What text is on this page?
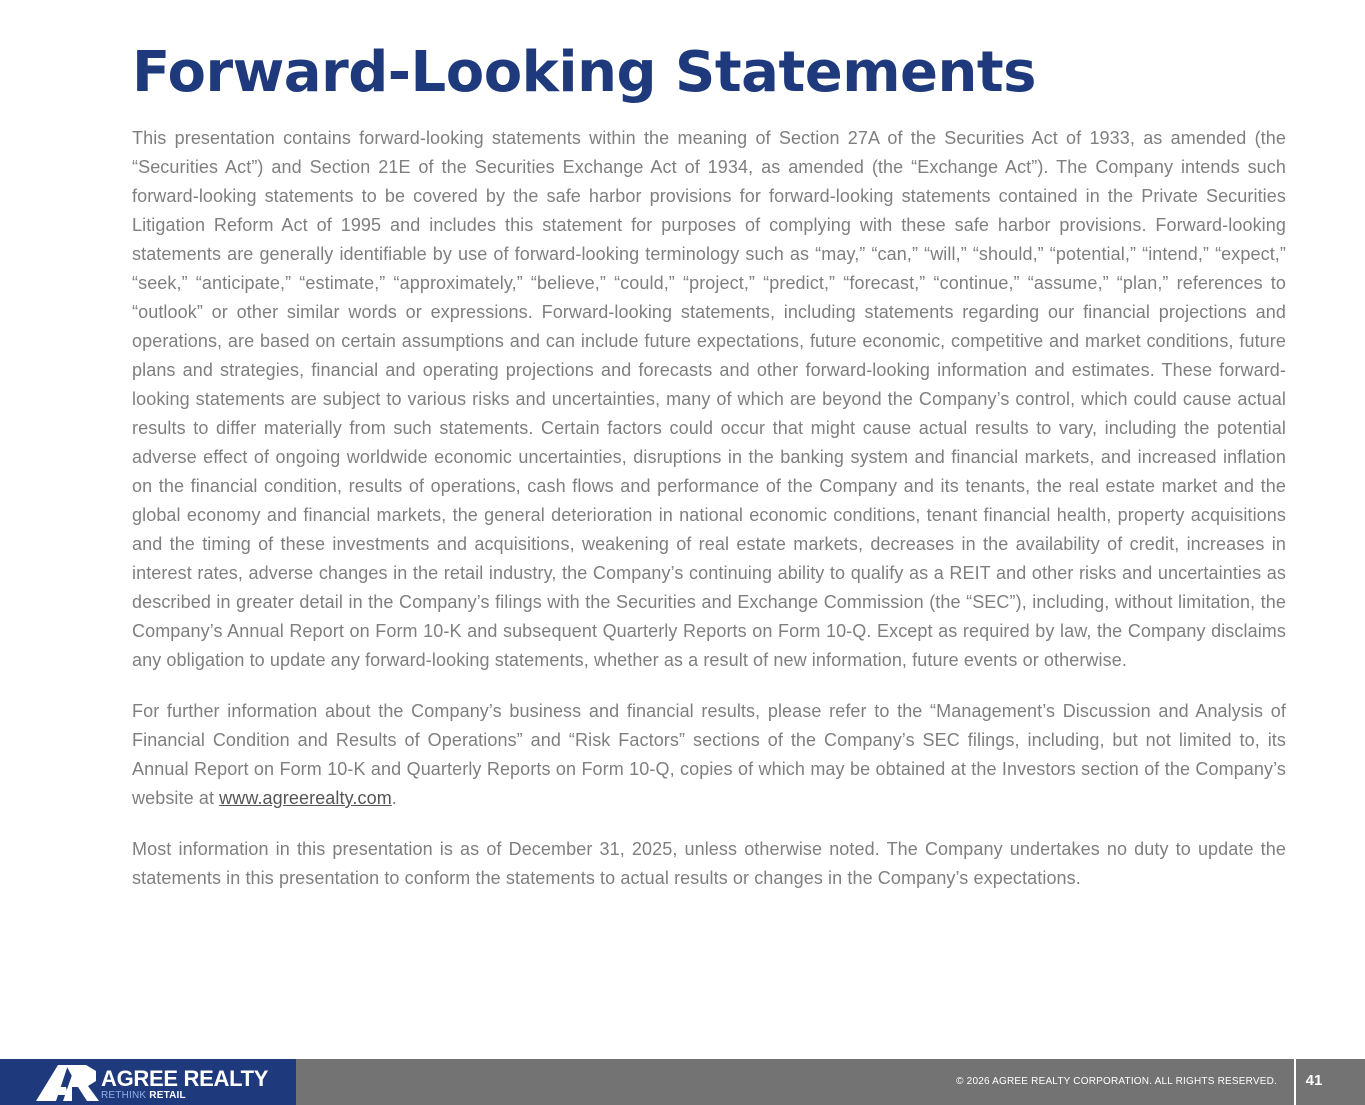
Forward-Looking Statements

This presentation contains forward-looking statements within the meaning of Section 27A of the Securities Act of 1933, as amended (the “Securities Act”) and Section 21E of the Securities Exchange Act of 1934, as amended (the “Exchange Act”). The Company intends such forward-looking statements to be covered by the safe harbor provisions for forward-looking statements contained in the Private Securities Litigation Reform Act of 1995 and includes this statement for purposes of complying with these safe harbor provisions. Forward-looking statements are generally identifiable by use of forward-looking terminology such as “may,” “can,” “will,” “should,” “potential,” “intend,” “expect,” “seek,” “anticipate,” “estimate,” “approximately,” “believe,” “could,” “project,” “predict,” “forecast,” “continue,” “assume,” “plan,” references to “outlook” or other similar words or expressions. Forward-looking statements, including statements regarding our financial projections and operations, are based on certain assumptions and can include future expectations, future economic, competitive and market conditions, future plans and strategies, financial and operating projections and forecasts and other forward-looking information and estimates. These forward-looking statements are subject to various risks and uncertainties, many of which are beyond the Company’s control, which could cause actual results to differ materially from such statements. Certain factors could occur that might cause actual results to vary, including the potential adverse effect of ongoing worldwide economic uncertainties, disruptions in the banking system and financial markets, and increased inflation on the financial condition, results of operations, cash flows and performance of the Company and its tenants, the real estate market and the global economy and financial markets, the general deterioration in national economic conditions, tenant financial health, property acquisitions and the timing of these investments and acquisitions, weakening of real estate markets, decreases in the availability of credit, increases in interest rates, adverse changes in the retail industry, the Company’s continuing ability to qualify as a REIT and other risks and uncertainties as described in greater detail in the Company’s filings with the Securities and Exchange Commission (the “SEC”), including, without limitation, the Company’s Annual Report on Form 10-K and subsequent Quarterly Reports on Form 10-Q. Except as required by law, the Company disclaims any obligation to update any forward-looking statements, whether as a result of new information, future events or otherwise.

For further information about the Company’s business and financial results, please refer to the “Management’s Discussion and Analysis of Financial Condition and Results of Operations” and “Risk Factors” sections of the Company’s SEC filings, including, but not limited to, its Annual Report on Form 10-K and Quarterly Reports on Form 10-Q, copies of which may be obtained at the Investors section of the Company’s website at www.agreerealty.com.

Most information in this presentation is as of December 31, 2025, unless otherwise noted. The Company undertakes no duty to update the statements in this presentation to conform the statements to actual results or changes in the Company’s expectations.

AGREE REALTY
RETHINK RETAIL
© 2026 AGREE REALTY CORPORATION. ALL RIGHTS RESERVED.	41
